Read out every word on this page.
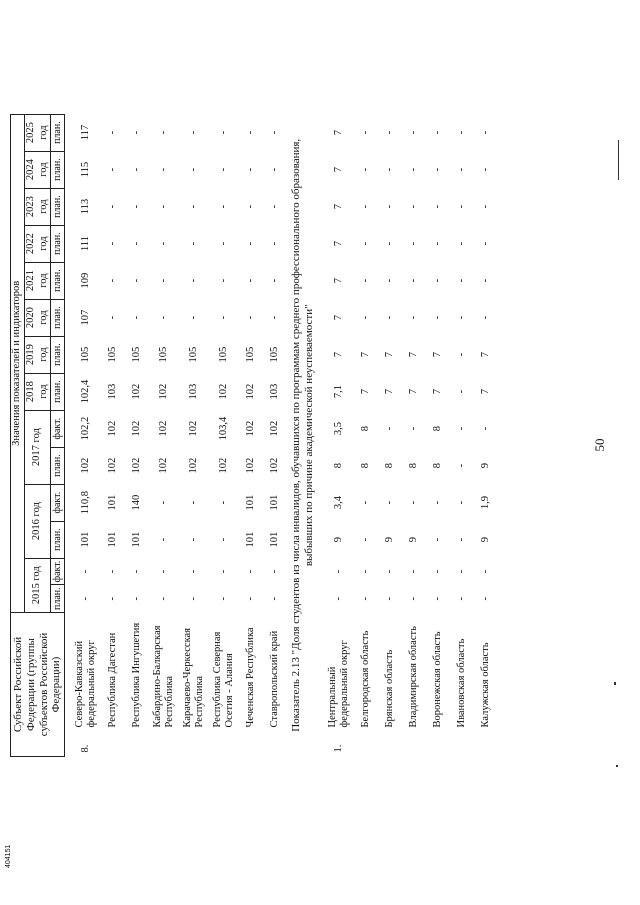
50
Субъект Российской Федерации (группы субъектов Российской Федерации)		Значения показателей и индикаторов													
		2015 год		2016 год		2017 год		2018 год	2019 год	2020 год	2021 год	2022 год	2023 год	2024 год	2025 год
		план.	факт.	план.	факт.	план.	факт.	план.	план.	план.	план.	план.	план.	план.	план.
8.	Северо-Кавказский федеральный округ	-	-	101	110,8	102	102,2	102,4	105	107	109	111	113	115	117
	Республика Дагестан	-	-	101	101	102	102	103	105	-	-	-	-	-	-
	Республика Ингушетия	-	-	101	140	102	102	102	105	-	-	-	-	-	-
	Кабардино-Балкарская Республика	-	-	-	-	102	102	102	105	-	-	-	-	-	-
	Карачаево-Черкесская Республика	-	-	-	-	102	102	103	105	-	-	-	-	-	-
	Республика Северная Осетия - Алания	-	-	-	-	102	103,4	102	105	-	-	-	-	-	-
	Чеченская Республика	-	-	101	101	102	102	102	105	-	-	-	-	-	-
	Ставропольский край	-	-	101	101	102	102	103	105	-	-	-	-	-	-

Показатель 2.13 "Доля студентов из числа инвалидов, обучавшихся по программам среднего профессионального образования, выбывших по причине академической неуспеваемости"															

1.	Центральный федеральный округ	-	-	9	3,4	8	3,5	7,1	7	7	7	7	7	7	7
	Белгородская область	-	-	-	-	8	8	7	7	-	-	-	-	-	-
	Брянская область	-	-	9	-	8	-	7	7	-	-	-	-	-	-
	Владимирская область	-	-	9	-	8	-	7	7	-	-	-	-	-	-
	Воронежская область	-	-	-	-	8	8	7	7	-	-	-	-	-	-
	Ивановская область	-	-	-	-	-	-	-	-	-	-	-	-	-	-
	Калужская область	-	-	9	1,9	9	-	7	7	-	-	-	-	-	-
404151
